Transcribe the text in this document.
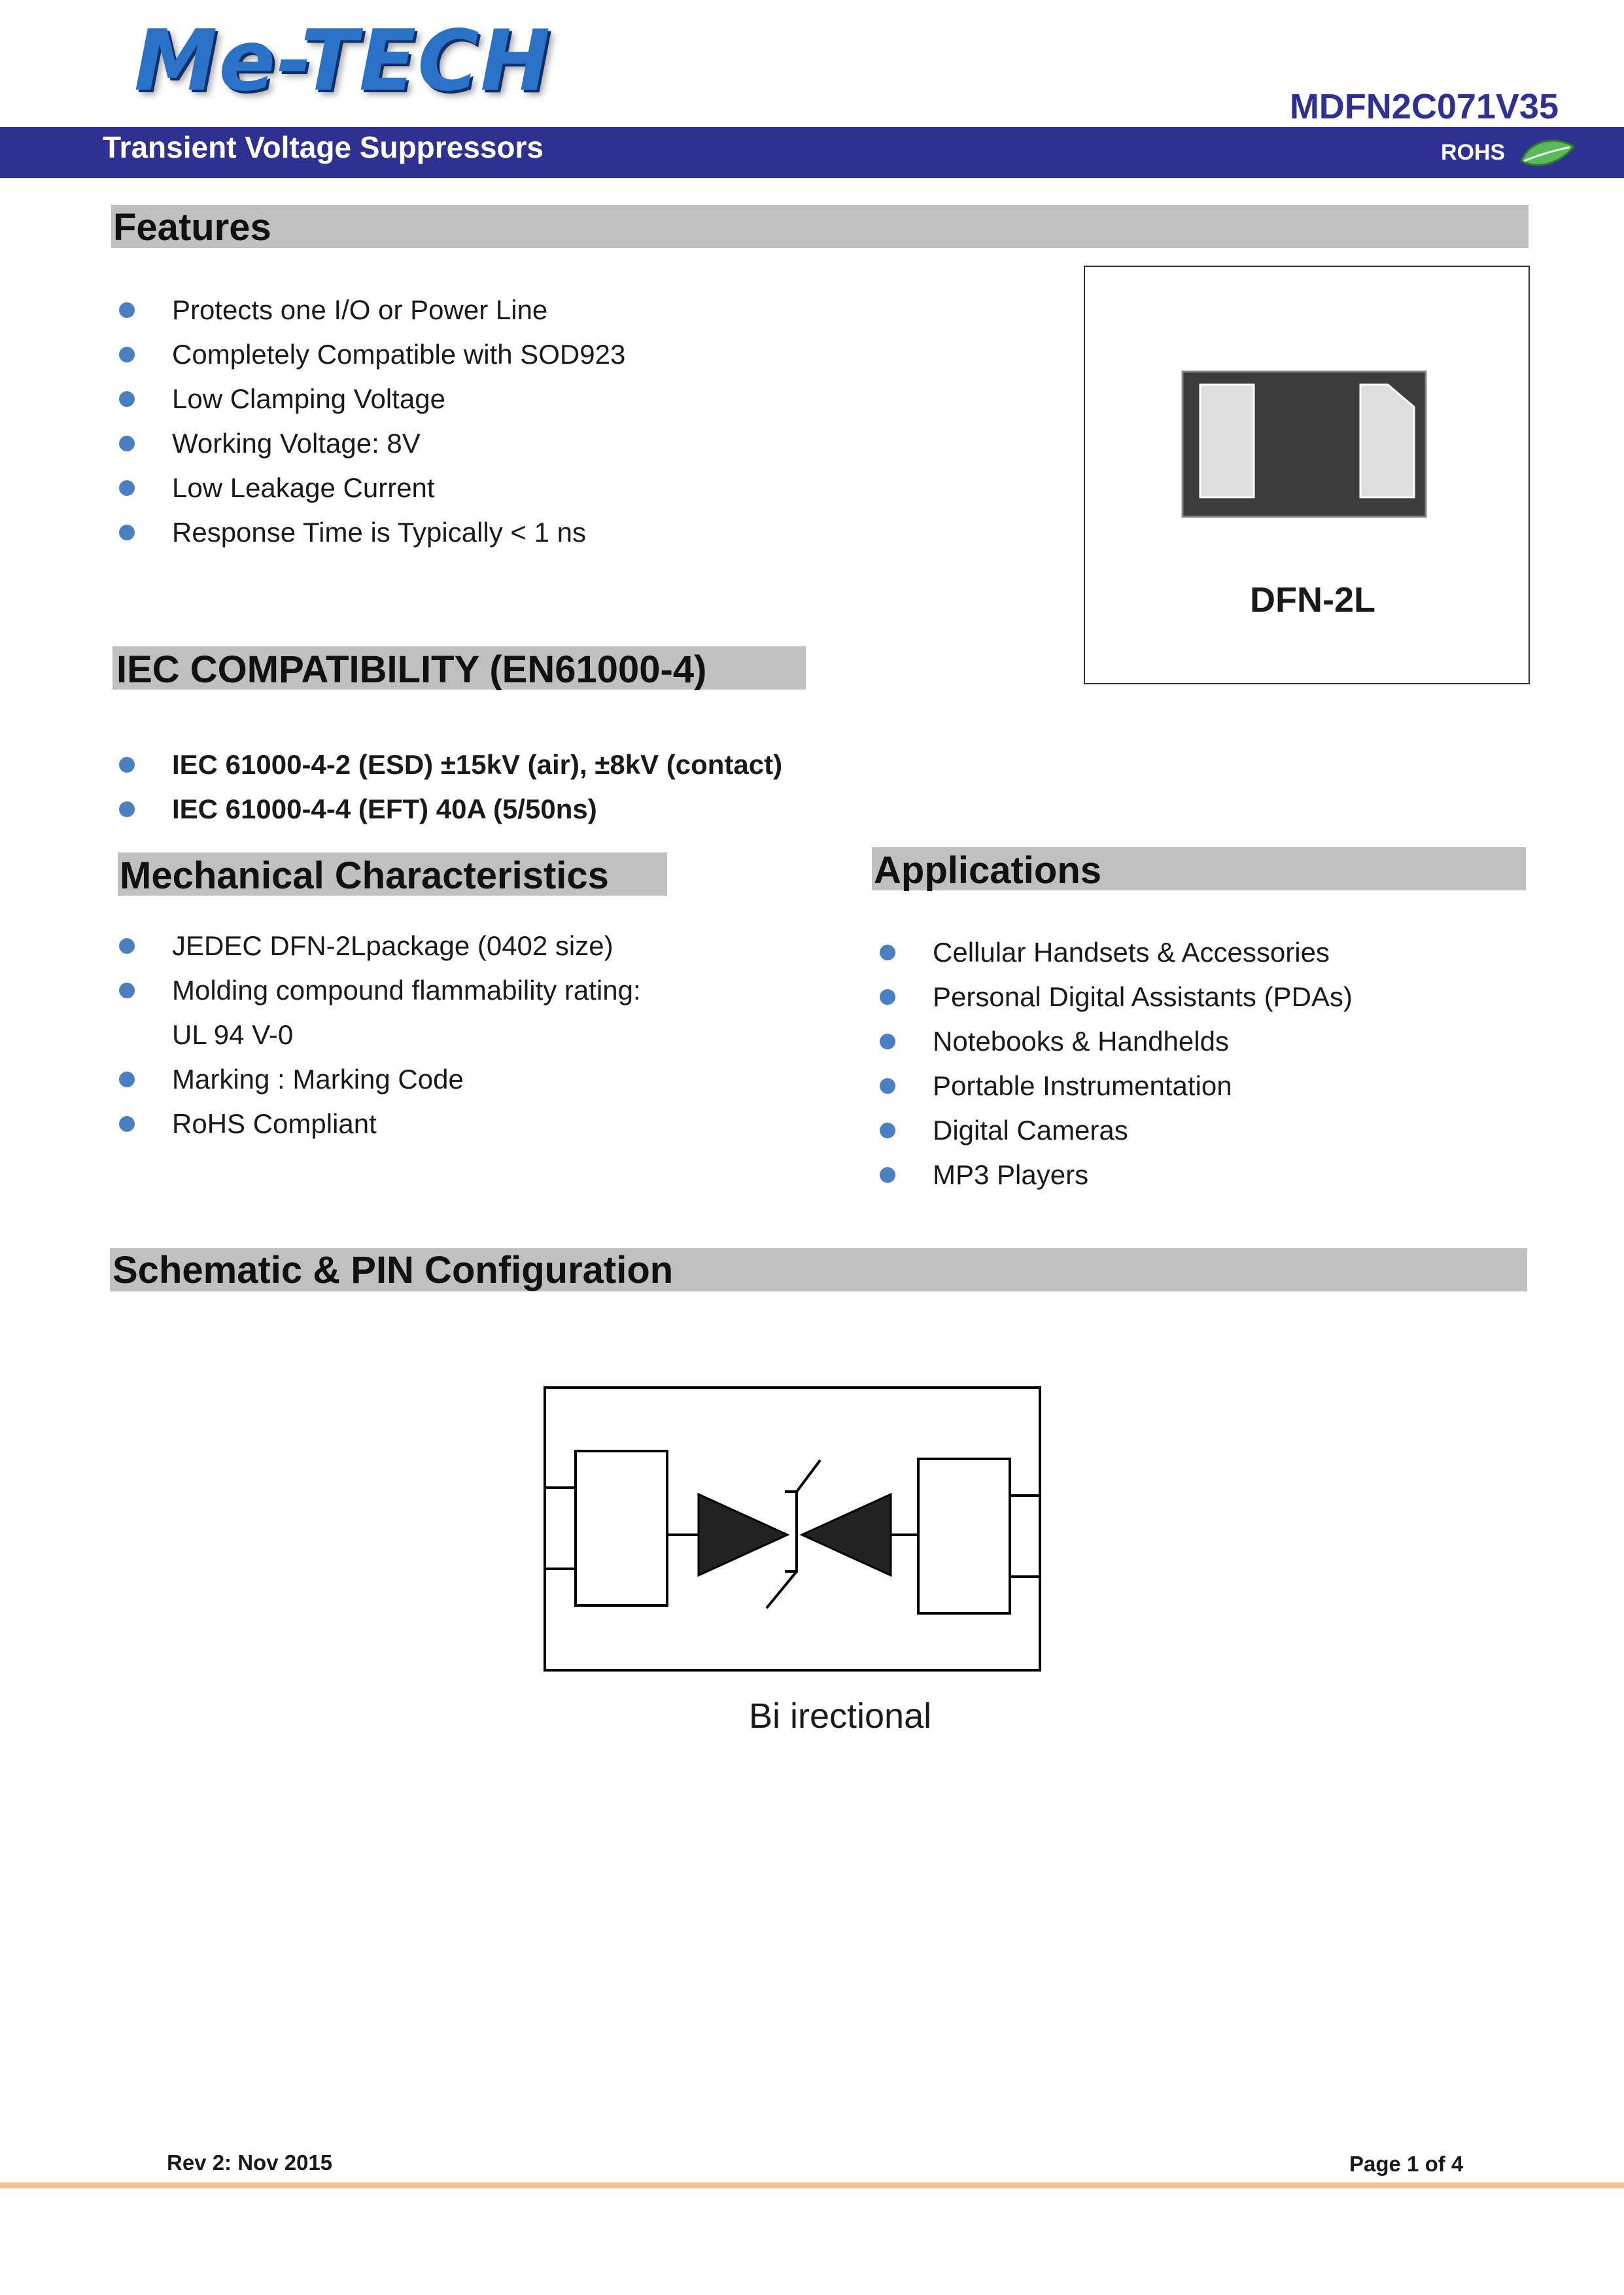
Me-TECH	MDFN2C071V35
Transient Voltage Suppressors	ROHS
Features
Protects one I/O or Power Line
Completely Compatible with SOD923
Low Clamping Voltage
Working Voltage: 8V
Low Leakage Current
Response Time is Typically < 1 ns
DFN-2L
IEC COMPATIBILITY (EN61000-4)
IEC 61000-4-2 (ESD) ±15kV (air), ±8kV (contact)
IEC 61000-4-4 (EFT) 40A (5/50ns)
Mechanical Characteristics
JEDEC DFN-2Lpackage (0402 size)
Molding compound flammability rating:
UL 94 V-0
Marking : Marking Code
RoHS Compliant
Applications
Cellular Handsets & Accessories
Personal Digital Assistants (PDAs)
Notebooks & Handhelds
Portable Instrumentation
Digital Cameras
MP3 Players
Schematic & PIN Configuration
Bi irectional
Rev 2: Nov 2015	Page 1 of 4
